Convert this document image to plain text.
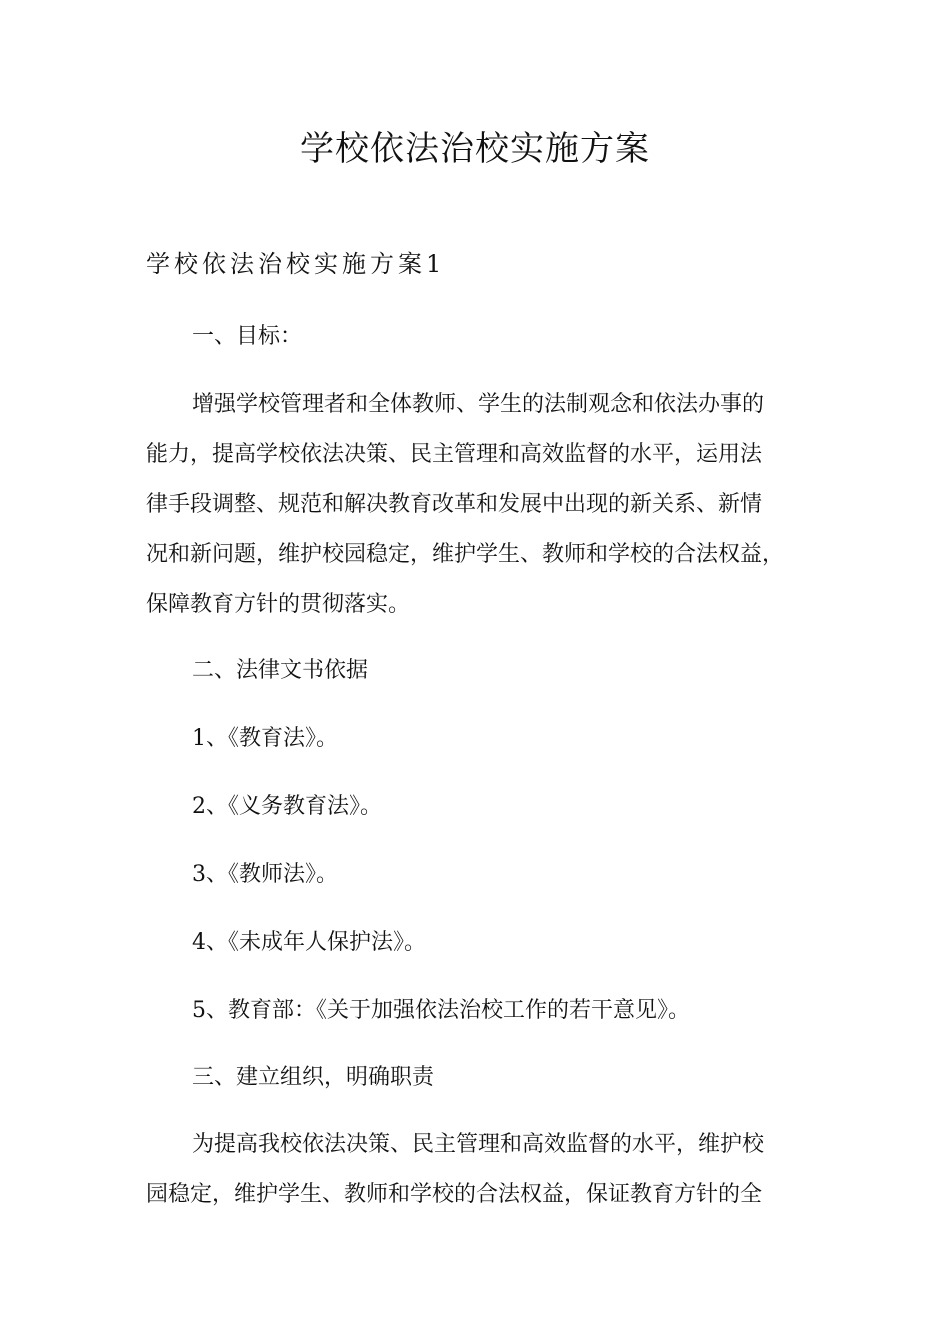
学校依法治校实施方案
学校依法治校实施方案1
一、目标：
增强学校管理者和全体教师、学生的法制观念和依法办事的
能力，提高学校依法决策、民主管理和高效监督的水平，运用法
律手段调整、规范和解决教育改革和发展中出现的新关系、新情
况和新问题，维护校园稳定，维护学生、教师和学校的合法权益，
保障教育方针的贯彻落实。
二、法律文书依据
1、《教育法》。
2、《义务教育法》。
3、《教师法》。
4、《未成年人保护法》。
5、教育部：《关于加强依法治校工作的若干意见》。
三、建立组织，明确职责
为提高我校依法决策、民主管理和高效监督的水平，维护校
园稳定，维护学生、教师和学校的合法权益，保证教育方针的全
